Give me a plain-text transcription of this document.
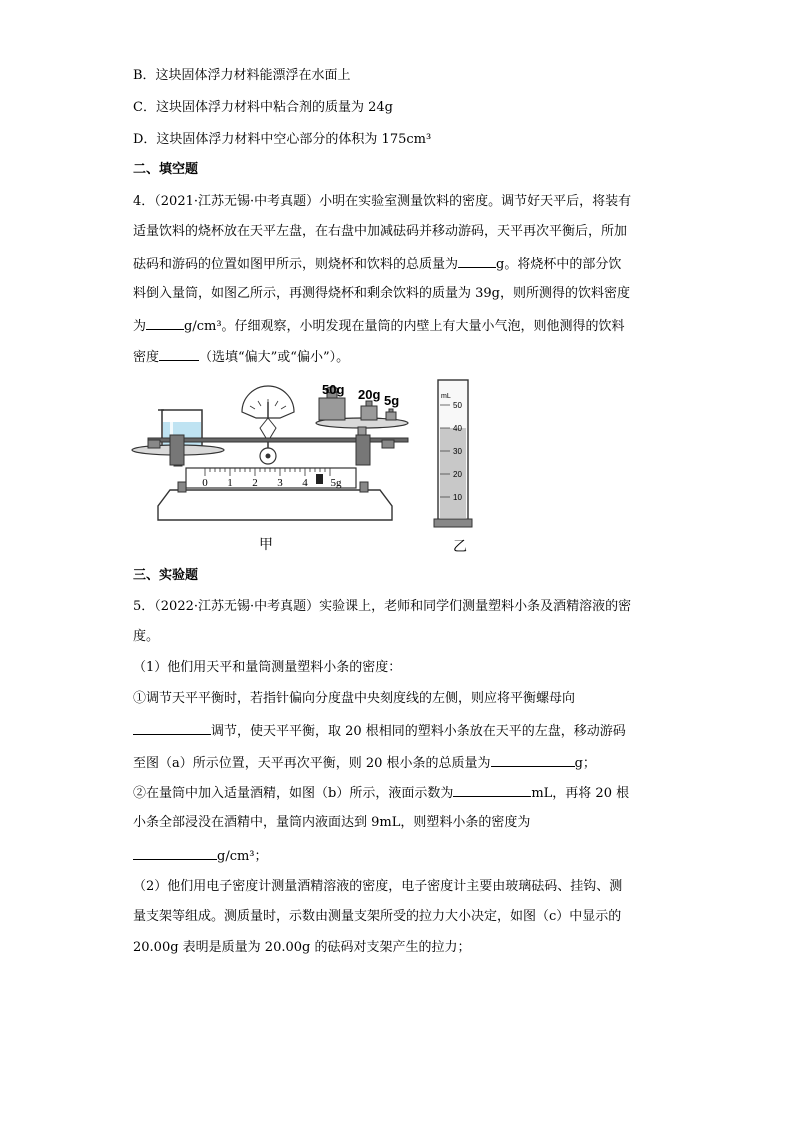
B．这块固体浮力材料能漂浮在水面上
C．这块固体浮力材料中粘合剂的质量为 24g
D．这块固体浮力材料中空心部分的体积为 175cm³
二、填空题
4．（2021·江苏无锡·中考真题）小明在实验室测量饮料的密度。调节好天平后，将装有
适量饮料的烧杯放在天平左盘，在右盘中加减砝码并移动游码，天平再次平衡后，所加
砝码和游码的位置如图甲所示，则烧杯和饮料的总质量为	g。将烧杯中的部分饮
料倒入量筒，如图乙所示，再测得烧杯和剩余饮料的质量为 39g，则所测得的饮料密度
为	g/cm³。仔细观察，小明发现在量筒的内壁上有大量小气泡，则他测得的饮料
密度	（选填“偏大”或“偏小”）。
50g 20g 5g
0 1 2 3 4 5g
mL
50
40
30
20
10
甲	乙
三、实验题
5．（2022·江苏无锡·中考真题）实验课上，老师和同学们测量塑料小条及酒精溶液的密
度。
（1）他们用天平和量筒测量塑料小条的密度：
①调节天平平衡时，若指针偏向分度盘中央刻度线的左侧，则应将平衡螺母向
调节，使天平平衡，取 20 根相同的塑料小条放在天平的左盘，移动游码
至图（a）所示位置，天平再次平衡，则 20 根小条的总质量为	g；
②在量筒中加入适量酒精，如图（b）所示，液面示数为	mL，再将 20 根
小条全部浸没在酒精中，量筒内液面达到 9mL，则塑料小条的密度为
g/cm³；
（2）他们用电子密度计测量酒精溶液的密度，电子密度计主要由玻璃砝码、挂钩、测
量支架等组成。测质量时，示数由测量支架所受的拉力大小决定，如图（c）中显示的
20.00g 表明是质量为 20.00g 的砝码对支架产生的拉力；
